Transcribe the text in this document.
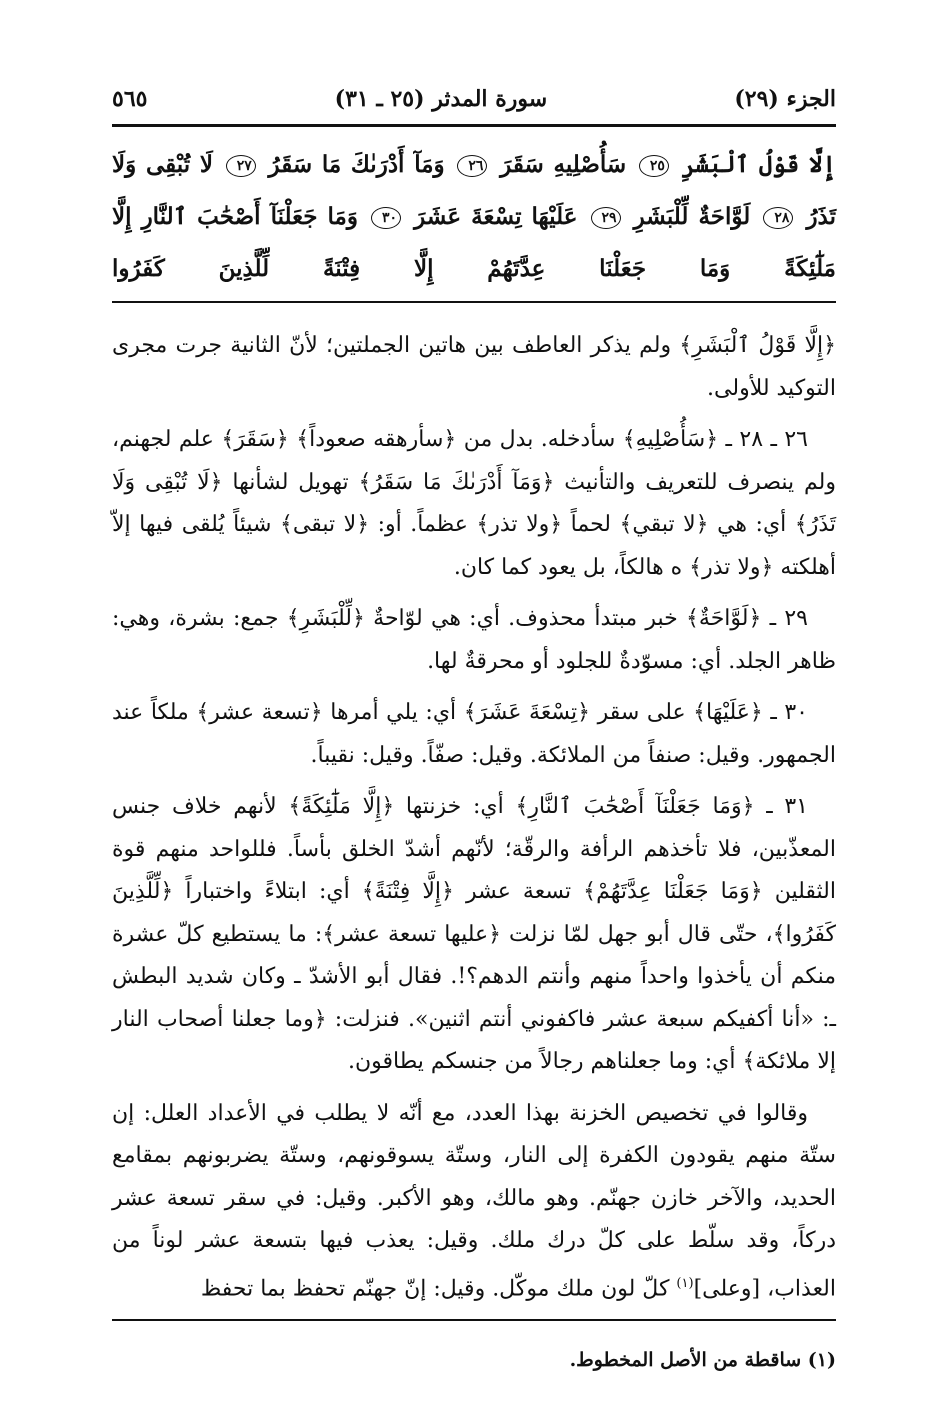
الجزء (٢٩)
سورة المدثر (٢٥ ـ ٣١)
٥٦٥
إِلَّا قَوْلُ ٱلْبَشَرِ ٢٥ سَأُصْلِيهِ سَقَرَ ٢٦ وَمَآ أَدْرَىٰكَ مَا سَقَرُ ٢٧ لَا تُبْقِى وَلَا تَذَرُ ٢٨ لَوَّاحَةٌ لِّلْبَشَرِ ٢٩ عَلَيْهَا تِسْعَةَ عَشَرَ ٣٠ وَمَا جَعَلْنَآ أَصْحَٰبَ ٱلنَّارِ إِلَّا مَلَٰٓئِكَةً وَمَا جَعَلْنَا عِدَّتَهُمْ إِلَّا فِتْنَةً لِّلَّذِينَ كَفَرُوا

﴿إِلَّا قَوْلُ ٱلْبَشَرِ﴾ ولم يذكر العاطف بين هاتين الجملتين؛ لأنّ الثانية جرت مجرى التوكيد للأولى.

٢٦ ـ ٢٨ ـ ﴿سَأُصْلِيهِ﴾ سأدخله. بدل من ﴿سأرهقه صعوداً﴾ ﴿سَقَرَ﴾ علم لجهنم، ولم ينصرف للتعريف والتأنيث ﴿وَمَآ أَدْرَىٰكَ مَا سَقَرُ﴾ تهويل لشأنها ﴿لَا تُبْقِى وَلَا تَذَرُ﴾ أي: هي ﴿لا تبقي﴾ لحماً ﴿ولا تذر﴾ عظماً. أو: ﴿لا تبقى﴾ شيئاً يُلقى فيها إلاّ أهلكته ﴿ولا تذر﴾ ه هالكاً، بل يعود كما كان.

٢٩ ـ ﴿لَوَّاحَةٌ﴾ خبر مبتدأ محذوف. أي: هي لوّاحةٌ ﴿لِّلْبَشَرِ﴾ جمع: بشرة، وهي: ظاهر الجلد. أي: مسوّدةٌ للجلود أو محرقةٌ لها.

٣٠ ـ ﴿عَلَيْهَا﴾ على سقر ﴿تِسْعَةَ عَشَرَ﴾ أي: يلي أمرها ﴿تسعة عشر﴾ ملكاً عند الجمهور. وقيل: صنفاً من الملائكة. وقيل: صفّاً. وقيل: نقيباً.

٣١ ـ ﴿وَمَا جَعَلْنَآ أَصْحَٰبَ ٱلنَّارِ﴾ أي: خزنتها ﴿إِلَّا مَلَٰٓئِكَةً﴾ لأنهم خلاف جنس المعذّبين، فلا تأخذهم الرأفة والرقّة؛ لأنّهم أشدّ الخلق بأساً. فللواحد منهم قوة الثقلين ﴿وَمَا جَعَلْنَا عِدَّتَهُمْ﴾ تسعة عشر ﴿إِلَّا فِتْنَةً﴾ أي: ابتلاءً واختباراً ﴿لِّلَّذِينَ كَفَرُوا﴾، حتّى قال أبو جهل لمّا نزلت ﴿عليها تسعة عشر﴾: ما يستطيع كلّ عشرة منكم أن يأخذوا واحداً منهم وأنتم الدهم؟!. فقال أبو الأشدّ ـ وكان شديد البطش ـ: «أنا أكفيكم سبعة عشر فاكفوني أنتم اثنين». فنزلت: ﴿وما جعلنا أصحاب النار إلا ملائكة﴾ أي: وما جعلناهم رجالاً من جنسكم يطاقون.

وقالوا في تخصيص الخزنة بهذا العدد، مع أنّه لا يطلب في الأعداد العلل: إن ستّة منهم يقودون الكفرة إلى النار، وستّة يسوقونهم، وستّة يضربونهم بمقامع الحديد، والآخر خازن جهنّم. وهو مالك، وهو الأكبر. وقيل: في سقر تسعة عشر دركاً، وقد سلّط على كلّ درك ملك. وقيل: يعذب فيها بتسعة عشر لوناً من العذاب، [وعلى]$^{(١)}$ كلّ لون ملك موكّل. وقيل: إنّ جهنّم تحفظ بما تحفظ

(١) ساقطة من الأصل المخطوط.
